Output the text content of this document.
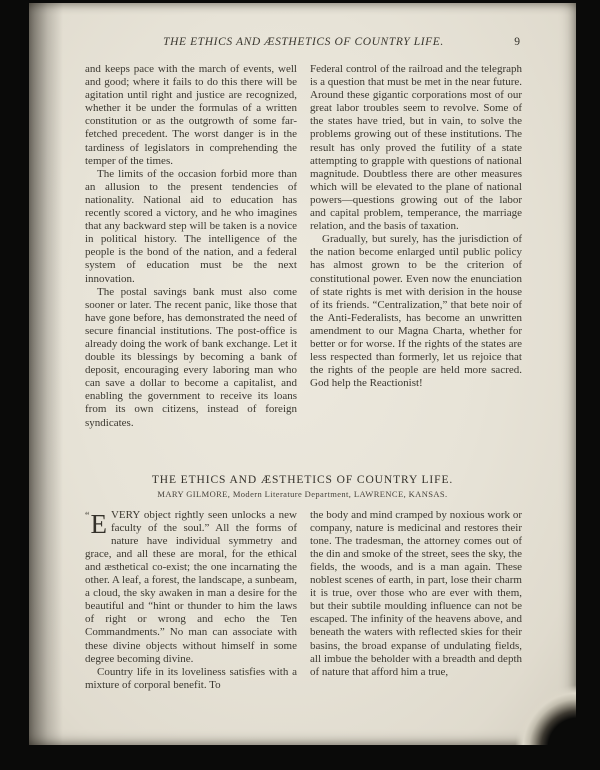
THE ETHICS AND ÆSTHETICS OF COUNTRY LIFE.	9

and keeps pace with the march of events, well and good; where it fails to do this there will be agitation until right and justice are recognized, whether it be under the formulas of a written constitution or as the outgrowth of some far-fetched precedent. The worst danger is in the tardiness of legislators in comprehending the temper of the times.

The limits of the occasion forbid more than an allusion to the present tendencies of nationality. National aid to education has recently scored a victory, and he who imagines that any backward step will be taken is a novice in political history. The intelligence of the people is the bond of the nation, and a federal system of education must be the next innovation.

The postal savings bank must also come sooner or later. The recent panic, like those that have gone before, has demonstrated the need of secure financial institutions. The post-office is already doing the work of bank exchange. Let it double its blessings by becoming a bank of deposit, encouraging every laboring man who can save a dollar to become a capitalist, and enabling the government to receive its loans from its own citizens, instead of foreign syndicates.

Federal control of the railroad and the telegraph is a question that must be met in the near future. Around these gigantic corporations most of our great labor troubles seem to revolve. Some of the states have tried, but in vain, to solve the problems growing out of these institutions. The result has only proved the futility of a state attempting to grapple with questions of national magnitude. Doubtless there are other measures which will be elevated to the plane of national powers—questions growing out of the labor and capital problem, temperance, the marriage relation, and the basis of taxation.

Gradually, but surely, has the jurisdiction of the nation become enlarged until public policy has almost grown to be the criterion of constitutional power. Even now the enunciation of state rights is met with derision in the house of its friends. “Centralization,” that bete noir of the Anti-Federalists, has become an unwritten amendment to our Magna Charta, whether for better or for worse. If the rights of the states are less respected than formerly, let us rejoice that the rights of the people are held more sacred. God help the Reactionist!

THE ETHICS AND ÆSTHETICS OF COUNTRY LIFE.
MARY GILMORE, Modern Literature Department, LAWRENCE, KANSAS.

“E VERY object rightly seen unlocks a new faculty of the soul.” All the forms of nature have individual symmetry and grace, and all these are moral, for the ethical and æsthetical co-exist; the one incarnating the other. A leaf, a forest, the landscape, a sunbeam, a cloud, the sky awaken in man a desire for the beautiful and “hint or thunder to him the laws of right or wrong and echo the Ten Commandments.” No man can associate with these divine objects without himself in some degree becoming divine.

Country life in its loveliness satisfies with a mixture of corporal benefit. To

the body and mind cramped by noxious work or company, nature is medicinal and restores their tone. The tradesman, the attorney comes out of the din and smoke of the street, sees the sky, the fields, the woods, and is a man again. These noblest scenes of earth, in part, lose their charm it is true, over those who are ever with them, but their subtile moulding influence can not be escaped. The infinity of the heavens above, and beneath the waters with reflected skies for their basins, the broad expanse of undulating fields, all imbue the beholder with a breadth and depth of nature that afford him a true,
